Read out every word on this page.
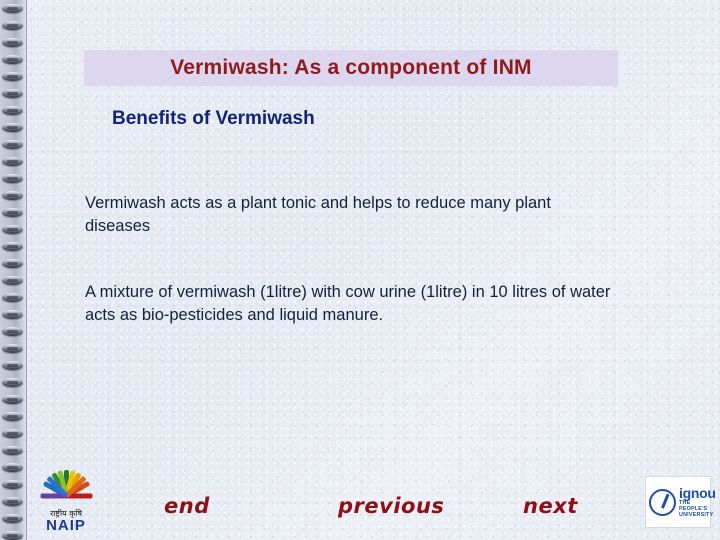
Vermiwash: As a component of INM
Benefits of Vermiwash
Vermiwash acts as a plant tonic and helps to reduce many plant diseases
A mixture of vermiwash (1litre) with cow urine (1litre) in 10 litres of water acts as bio-pesticides and liquid manure.
end	previous	next
राष्ट्रीय कृषि
NAIP
ignou
THE PEOPLE'S UNIVERSITY
